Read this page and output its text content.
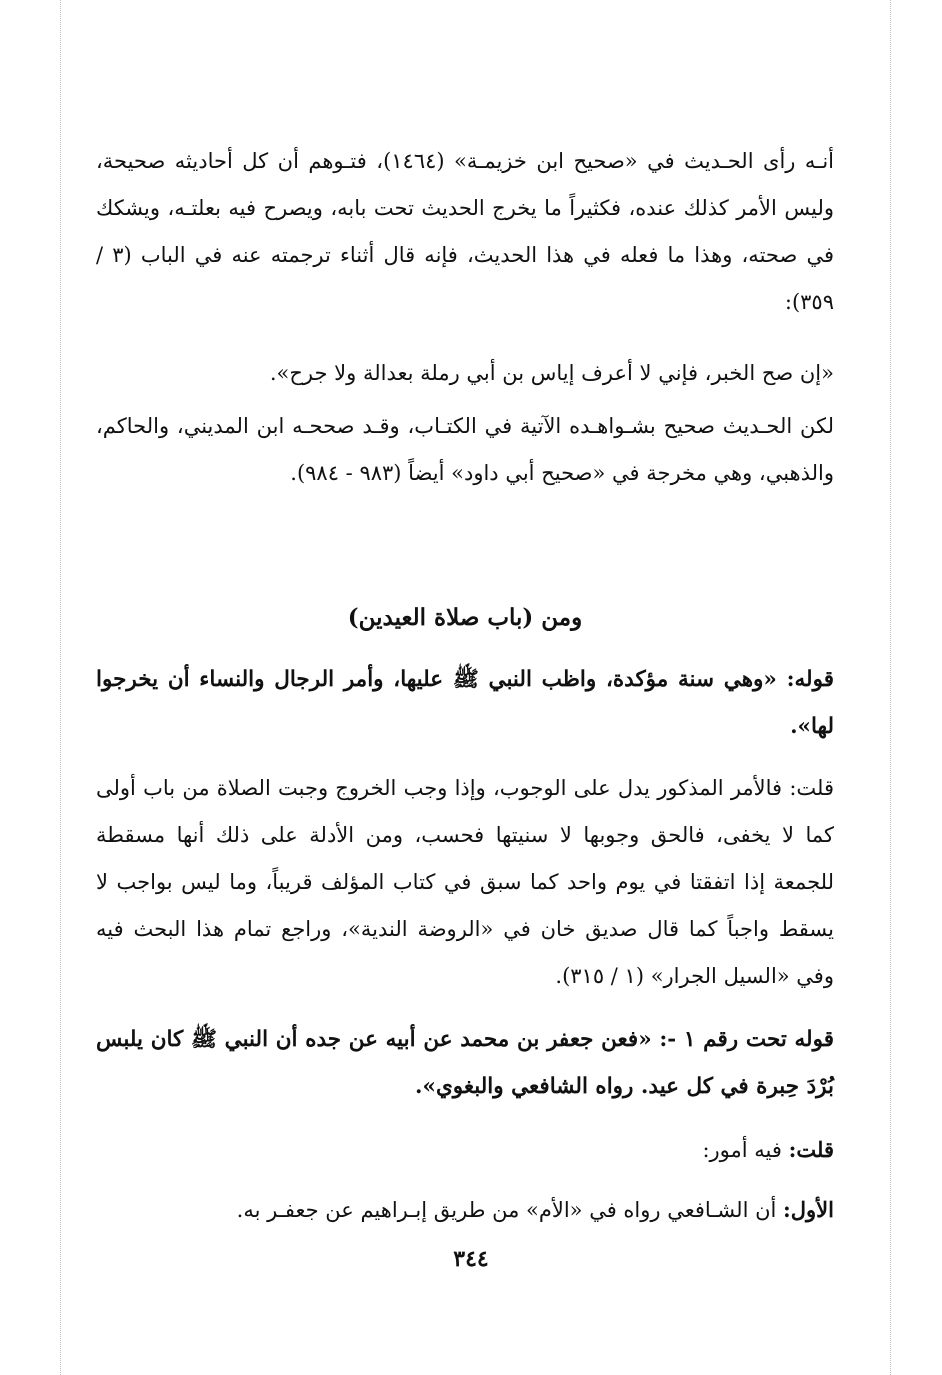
أنـه رأى الحـديث في «صحيح ابن خزيمـة» (١٤٦٤)، فتـوهم أن كل أحاديثه صحيحة، وليس الأمر كذلك عنده، فكثيراً ما يخرج الحديث تحت بابه، ويصرح فيه بعلتـه، ويشكك في صحته، وهذا ما فعله في هذا الحديث، فإنه قال أثناء ترجمته عنه في الباب (٣ / ٣٥٩):
«إن صح الخبر، فإني لا أعرف إياس بن أبي رملة بعدالة ولا جرح».
لكن الحـديث صحيح بشـواهـده الآتية في الكتـاب، وقـد صححـه ابن المديني، والحاكم، والذهبي، وهي مخرجة في «صحيح أبي داود» أيضاً (٩٨٣ - ٩٨٤).
ومن (باب صلاة العيدين)
قوله: «وهي سنة مؤكدة، واظب النبي ﷺ عليها، وأمر الرجال والنساء أن يخرجوا لها».
قلت: فالأمر المذكور يدل على الوجوب، وإذا وجب الخروج وجبت الصلاة من باب أولى كما لا يخفى، فالحق وجوبها لا سنيتها فحسب، ومن الأدلة على ذلك أنها مسقطة للجمعة إذا اتفقتا في يوم واحد كما سبق في كتاب المؤلف قريباً، وما ليس بواجب لا يسقط واجباً كما قال صديق خان في «الروضة الندية»، وراجع تمام هذا البحث فيه وفي «السيل الجرار» (١ / ٣١٥).
قوله تحت رقم ١ -: «فعن جعفر بن محمد عن أبيه عن جده أن النبي ﷺ كان يلبس بُرْدَ حِبرة في كل عيد. رواه الشافعي والبغوي».
قلت: فيه أمور:
الأول: أن الشـافعي رواه في «الأم» من طريق إبـراهيم عن جعفـر به.
٣٤٤
